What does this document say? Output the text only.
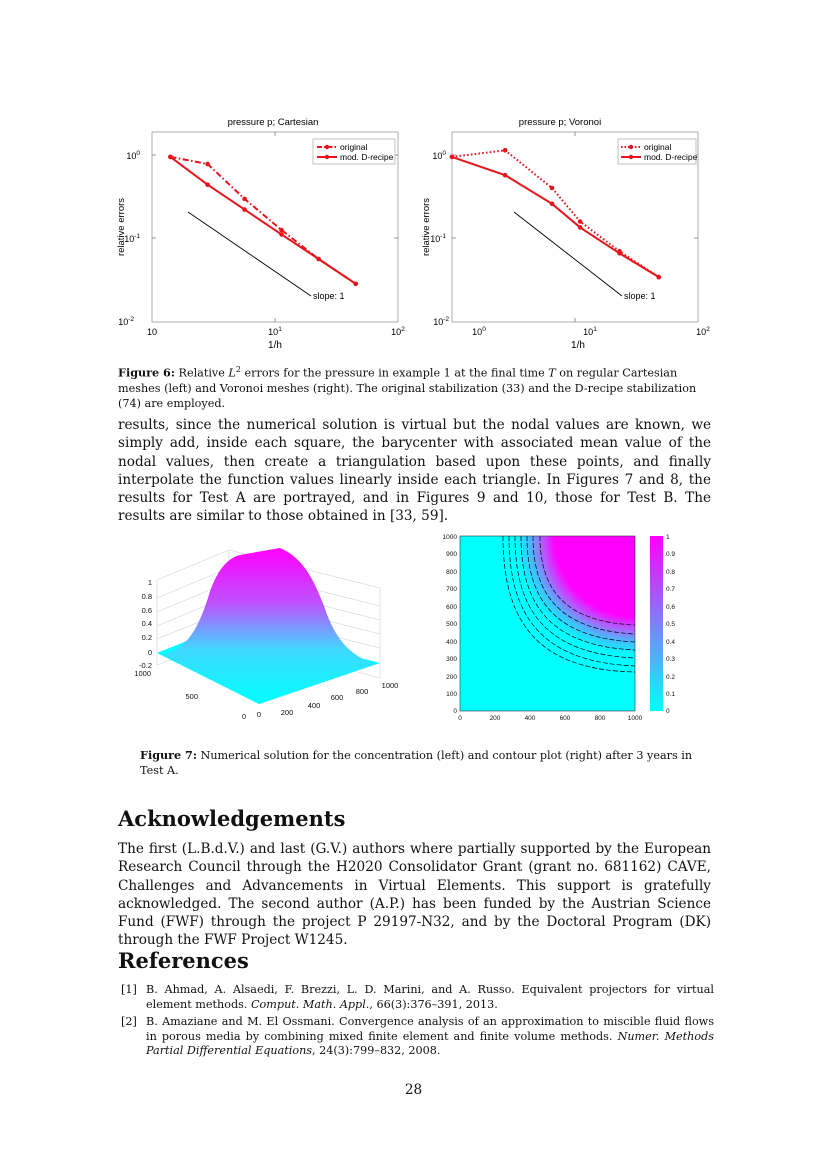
pressure p; Cartesian
relative errors
10	$10^1$	$10^2$
$10^{-2}$
$10^{-1}$
$10^0$
1/h
slope: 1
original
mod. D-recipe
pressure p; Voronoi
relative errors
$10^0$	$10^1$	$10^2$
$10^{-2}$
$10^{-1}$
$10^0$
1/h
slope: 1
original
mod. D-recipe
Figure 6: Relative $L^2$ errors for the pressure in example 1 at the final time T on regular Cartesian meshes (left) and Voronoi meshes (right). The original stabilization (33) and the D-recipe stabilization (74) are employed.
results, since the numerical solution is virtual but the nodal values are known, we simply add, inside each square, the barycenter with associated mean value of the nodal values, then create a triangulation based upon these points, and finally interpolate the function values linearly inside each triangle. In Figures 7 and 8, the results for Test A are portrayed, and in Figures 9 and 10, those for Test B. The results are similar to those obtained in [33, 59].
1
0.8
0.6
0.4
0.2
0
-0.2
1000
500
0 0	200
400
600
800
1000
1000
900
800
700
600
500
400
300
200
100
0
0	200	400	600	800	1000
1
0.9
0.8
0.7
0.6
0.5
0.4
0.3
0.2
0.1
0
Figure 7: Numerical solution for the concentration (left) and contour plot (right) after 3 years in Test A.
Acknowledgements
The first (L.B.d.V.) and last (G.V.) authors where partially supported by the European Research Council through the H2020 Consolidator Grant (grant no. 681162) CAVE, Challenges and Advancements in Virtual Elements. This support is gratefully acknowledged. The second author (A.P.) has been funded by the Austrian Science Fund (FWF) through the project P 29197-N32, and by the Doctoral Program (DK) through the FWF Project W1245.
References
[1] B. Ahmad, A. Alsaedi, F. Brezzi, L. D. Marini, and A. Russo. Equivalent projectors for virtual element methods. Comput. Math. Appl., 66(3):376–391, 2013.
[2] B. Amaziane and M. El Ossmani. Convergence analysis of an approximation to miscible fluid flows in porous media by combining mixed finite element and finite volume methods. Numer. Methods Partial Differential Equations, 24(3):799–832, 2008.
28
